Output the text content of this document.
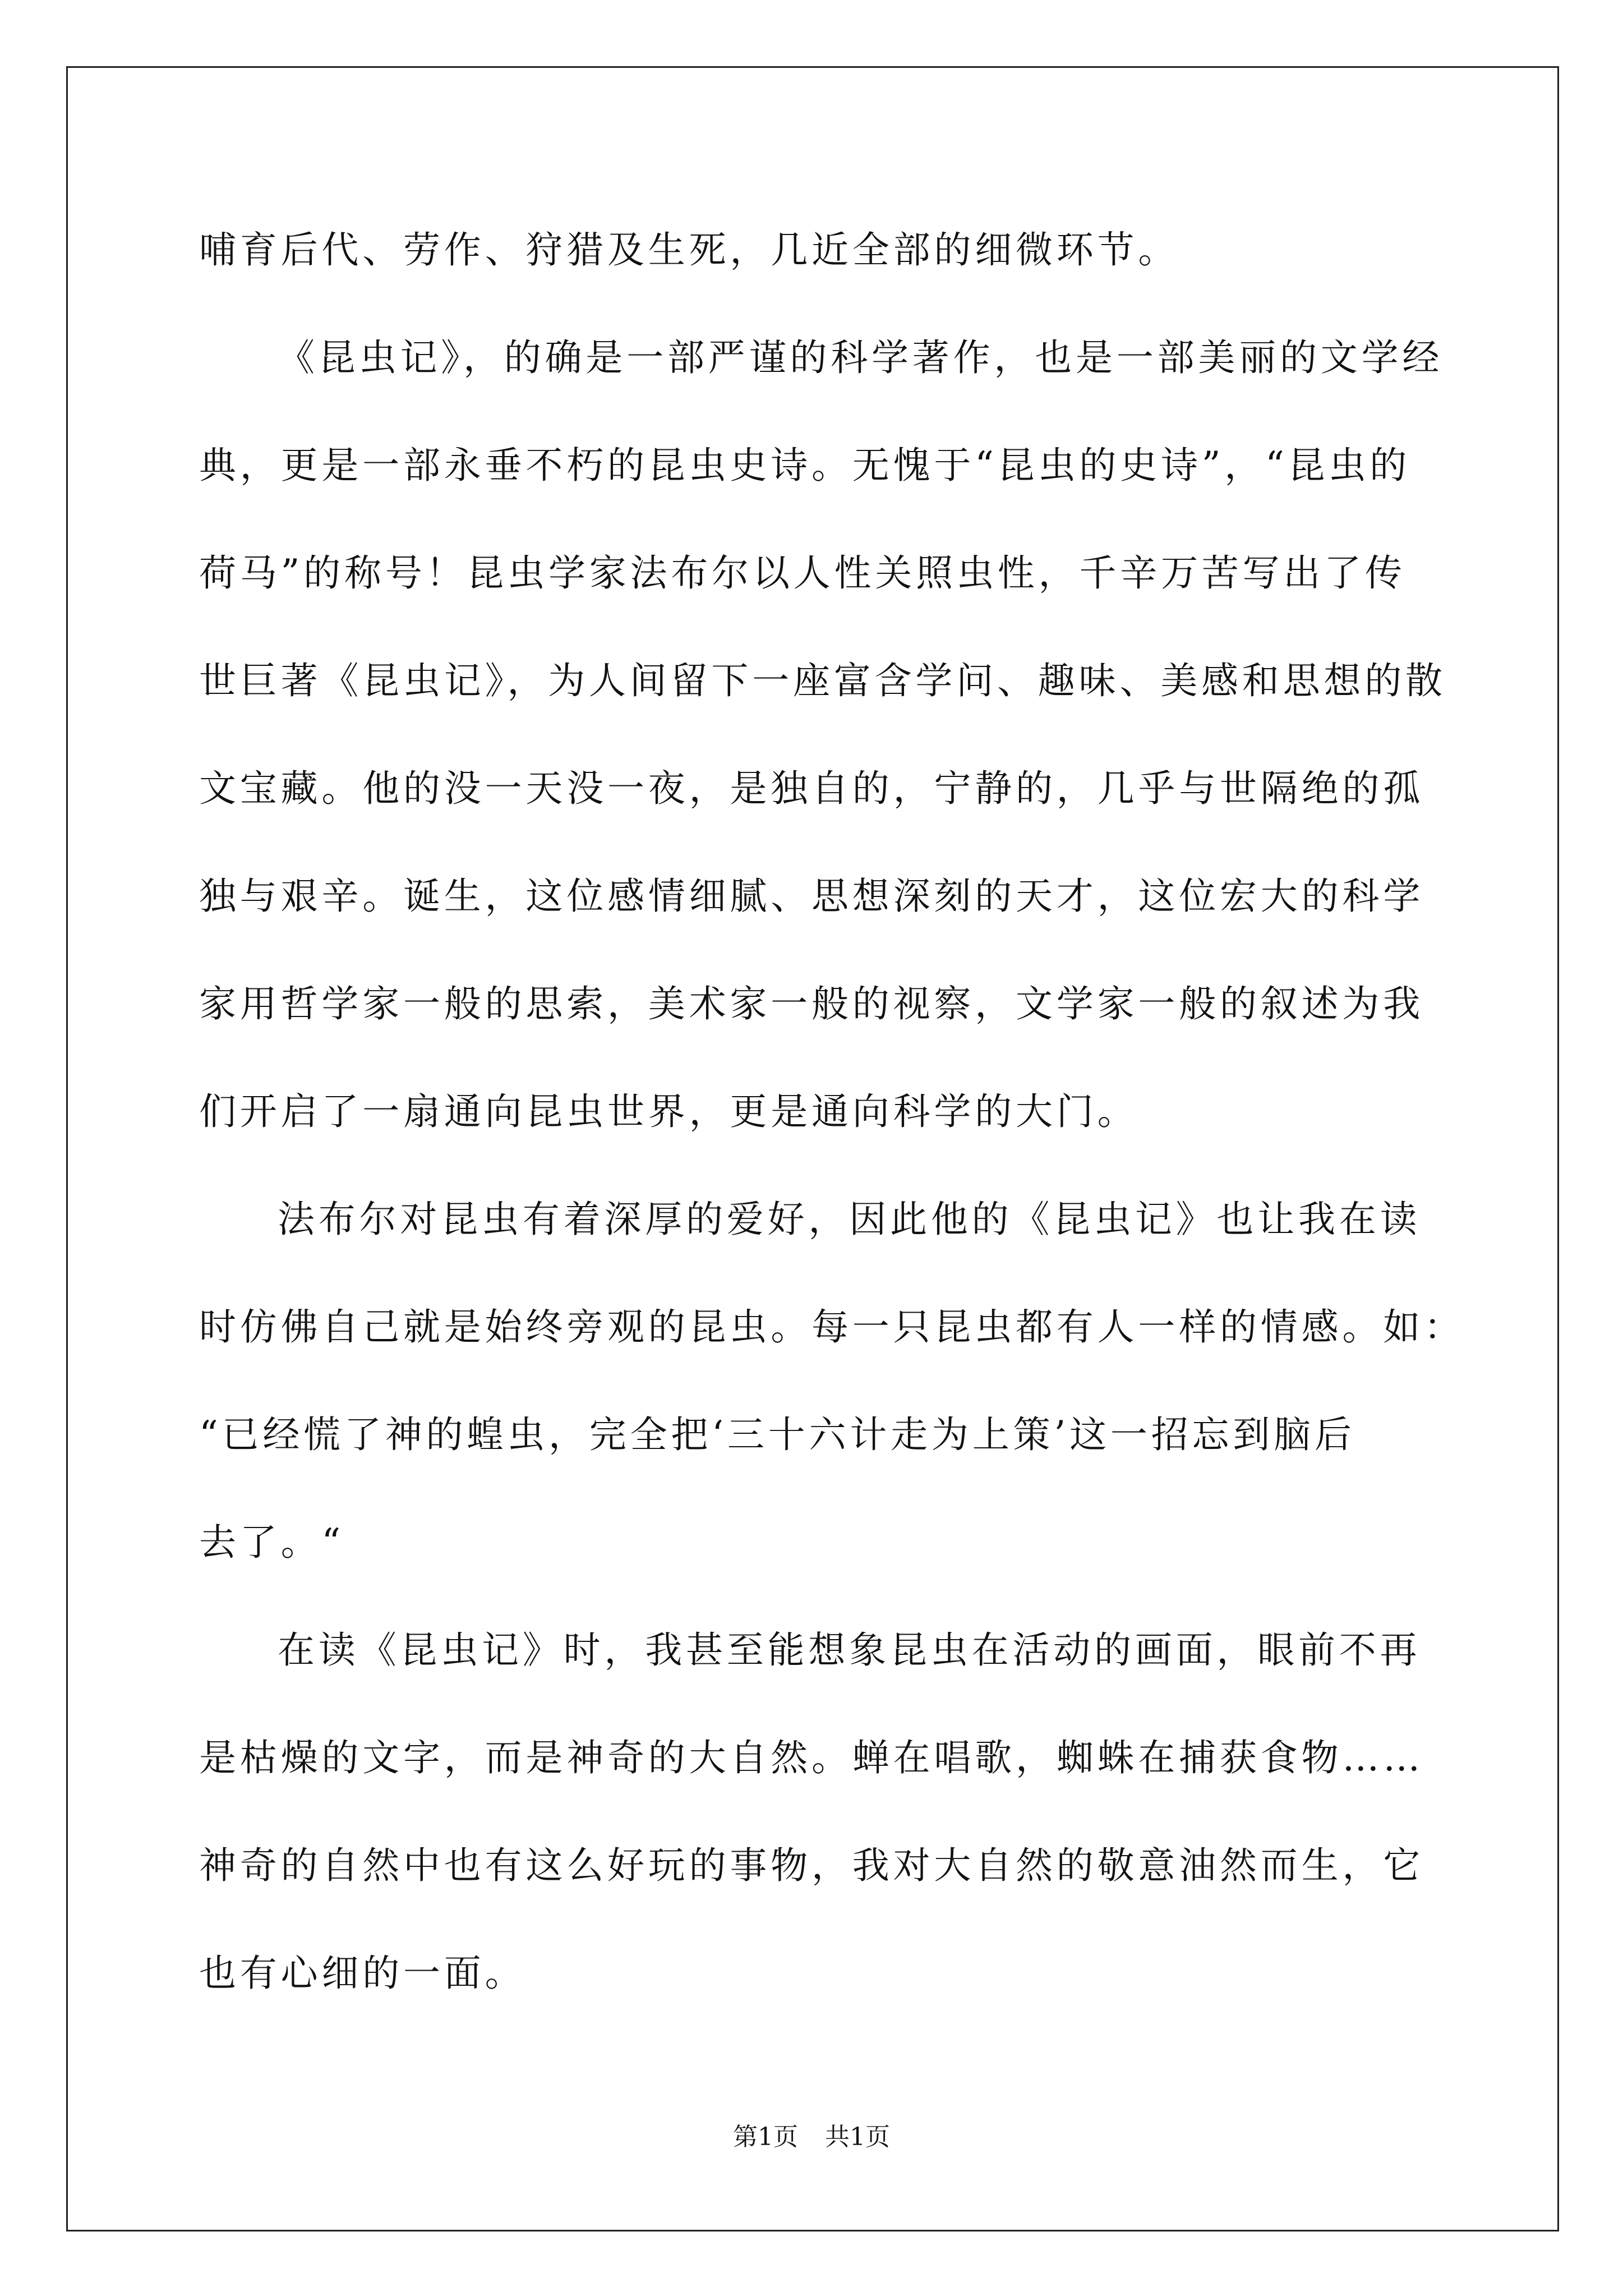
哺育后代、劳作、狩猎及生死，几近全部的细微环节。
《昆虫记》，的确是一部严谨的科学著作，也是一部美丽的文学经
典，更是一部永垂不朽的昆虫史诗。无愧于“昆虫的史诗”，“昆虫的
荷马”的称号！昆虫学家法布尔以人性关照虫性，千辛万苦写出了传
世巨著《昆虫记》，为人间留下一座富含学问、趣味、美感和思想的散
文宝藏。他的没一天没一夜，是独自的，宁静的，几乎与世隔绝的孤
独与艰辛。诞生，这位感情细腻、思想深刻的天才，这位宏大的科学
家用哲学家一般的思索，美术家一般的视察，文学家一般的叙述为我
们开启了一扇通向昆虫世界，更是通向科学的大门。
法布尔对昆虫有着深厚的爱好，因此他的《昆虫记》也让我在读
时仿佛自己就是始终旁观的昆虫。每一只昆虫都有人一样的情感。如：
“已经慌了神的蝗虫，完全把‘三十六计走为上策’这一招忘到脑后
去了。“
在读《昆虫记》时，我甚至能想象昆虫在活动的画面，眼前不再
是枯燥的文字，而是神奇的大自然。蝉在唱歌，蜘蛛在捕获食物……
神奇的自然中也有这么好玩的事物，我对大自然的敬意油然而生，它
也有心细的一面。
第1页 共1页
